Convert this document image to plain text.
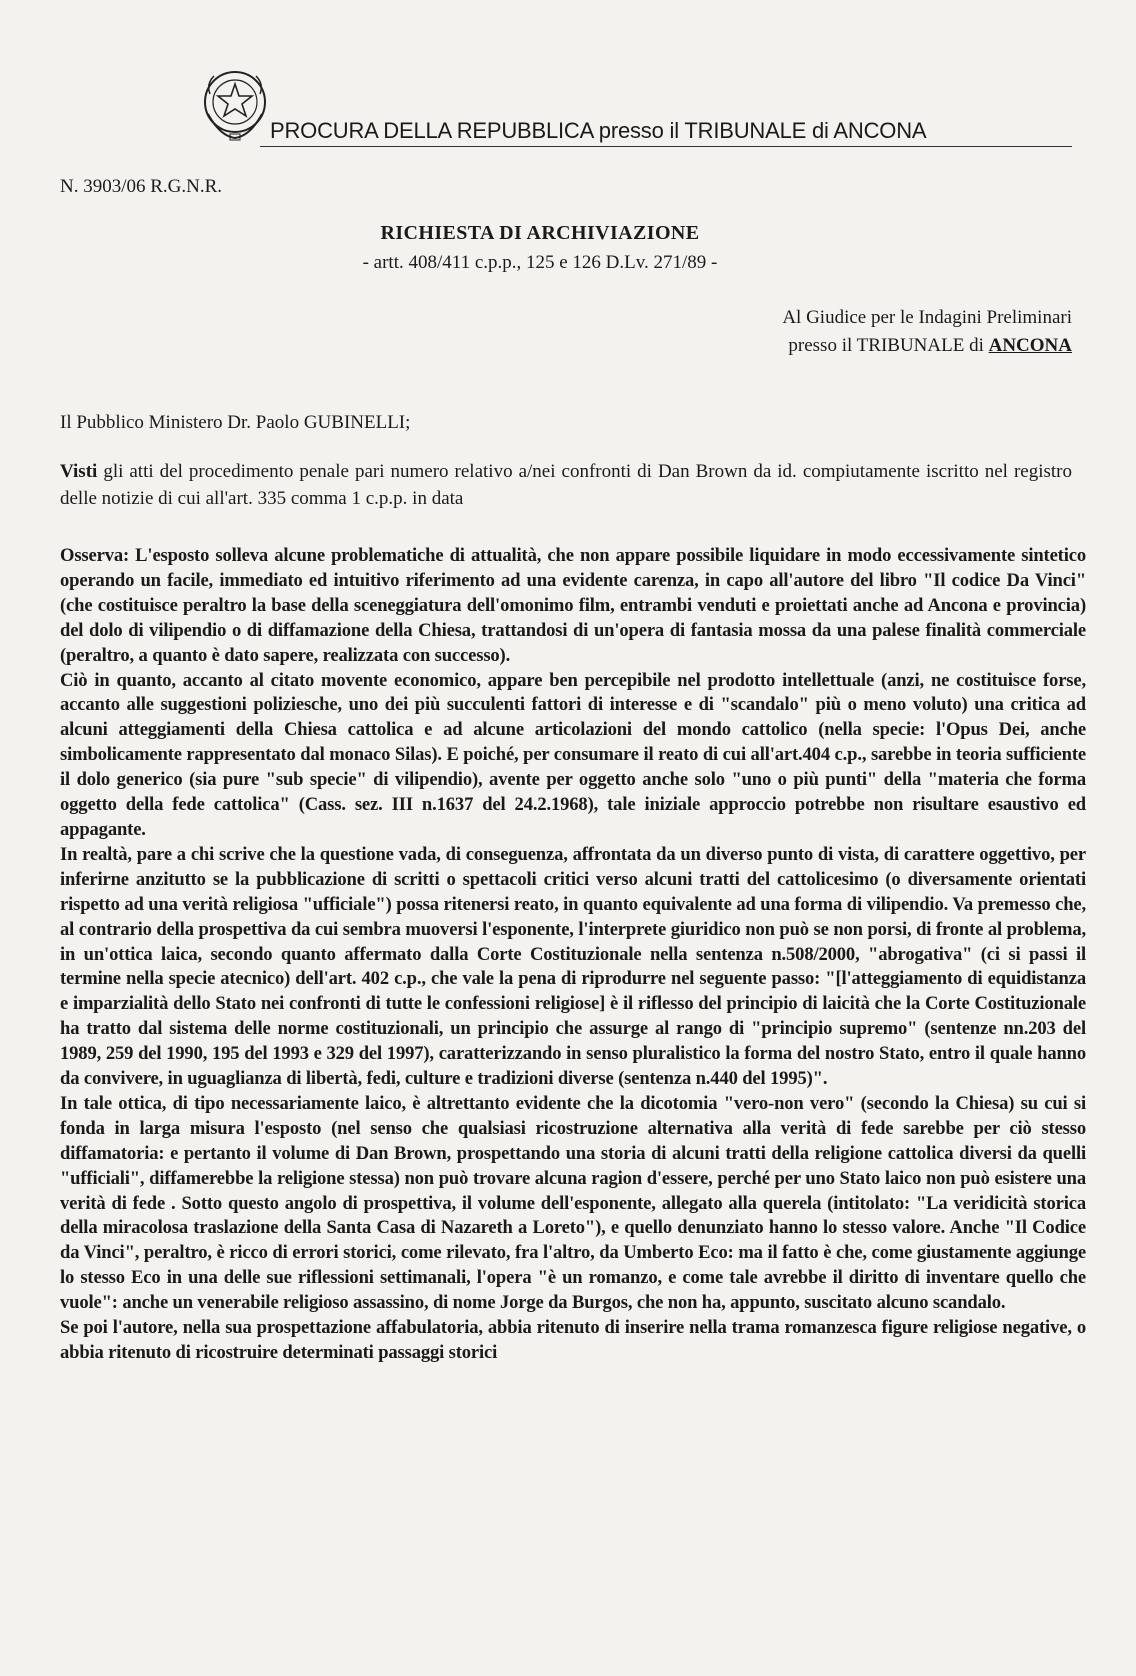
PROCURA DELLA REPUBBLICA presso il TRIBUNALE di ANCONA
N. 3903/06 R.G.N.R.
RICHIESTA DI ARCHIVIAZIONE
- artt. 408/411 c.p.p., 125 e 126 D.Lv. 271/89 -
Al Giudice per le Indagini Preliminari
presso il TRIBUNALE di ANCONA
Il Pubblico Ministero Dr. Paolo GUBINELLI;
Visti gli atti del procedimento penale pari numero relativo a/nei confronti di Dan Brown da id. compiutamente iscritto nel registro delle notizie di cui all'art. 335 comma 1 c.p.p. in data

Osserva: L'esposto solleva alcune problematiche di attualità, che non appare possibile liquidare in modo eccessivamente sintetico operando un facile, immediato ed intuitivo riferimento ad una evidente carenza, in capo all'autore del libro "Il codice Da Vinci" (che costituisce peraltro la base della sceneggiatura dell'omonimo film, entrambi venduti e proiettati anche ad Ancona e provincia) del dolo di vilipendio o di diffamazione della Chiesa, trattandosi di un'opera di fantasia mossa da una palese finalità commerciale (peraltro, a quanto è dato sapere, realizzata con successo).

Ciò in quanto, accanto al citato movente economico, appare ben percepibile nel prodotto intellettuale (anzi, ne costituisce forse, accanto alle suggestioni poliziesche, uno dei più succulenti fattori di interesse e di "scandalo" più o meno voluto) una critica ad alcuni atteggiamenti della Chiesa cattolica e ad alcune articolazioni del mondo cattolico (nella specie: l'Opus Dei, anche simbolicamente rappresentato dal monaco Silas). E poiché, per consumare il reato di cui all'art.404 c.p., sarebbe in teoria sufficiente il dolo generico (sia pure "sub specie" di vilipendio), avente per oggetto anche solo "uno o più punti" della "materia che forma oggetto della fede cattolica" (Cass. sez. III n.1637 del 24.2.1968), tale iniziale approccio potrebbe non risultare esaustivo ed appagante.

In realtà, pare a chi scrive che la questione vada, di conseguenza, affrontata da un diverso punto di vista, di carattere oggettivo, per inferirne anzitutto se la pubblicazione di scritti o spettacoli critici verso alcuni tratti del cattolicesimo (o diversamente orientati rispetto ad una verità religiosa "ufficiale") possa ritenersi reato, in quanto equivalente ad una forma di vilipendio. Va premesso che, al contrario della prospettiva da cui sembra muoversi l'esponente, l'interprete giuridico non può se non porsi, di fronte al problema, in un'ottica laica, secondo quanto affermato dalla Corte Costituzionale nella sentenza n.508/2000, "abrogativa" (ci si passi il termine nella specie atecnico) dell'art. 402 c.p., che vale la pena di riprodurre nel seguente passo: "[l'atteggiamento di equidistanza e imparzialità dello Stato nei confronti di tutte le confessioni religiose] è il riflesso del principio di laicità che la Corte Costituzionale ha tratto dal sistema delle norme costituzionali, un principio che assurge al rango di "principio supremo" (sentenze nn.203 del 1989, 259 del 1990, 195 del 1993 e 329 del 1997), caratterizzando in senso pluralistico la forma del nostro Stato, entro il quale hanno da convivere, in uguaglianza di libertà, fedi, culture e tradizioni diverse (sentenza n.440 del 1995)".

In tale ottica, di tipo necessariamente laico, è altrettanto evidente che la dicotomia "vero-non vero" (secondo la Chiesa) su cui si fonda in larga misura l'esposto (nel senso che qualsiasi ricostruzione alternativa alla verità di fede sarebbe per ciò stesso diffamatoria: e pertanto il volume di Dan Brown, prospettando una storia di alcuni tratti della religione cattolica diversi da quelli "ufficiali", diffamerebbe la religione stessa) non può trovare alcuna ragion d'essere, perché per uno Stato laico non può esistere una verità di fede . Sotto questo angolo di prospettiva, il volume dell'esponente, allegato alla querela (intitolato: "La veridicità storica della miracolosa traslazione della Santa Casa di Nazareth a Loreto"), e quello denunziato hanno lo stesso valore. Anche "Il Codice da Vinci", peraltro, è ricco di errori storici, come rilevato, fra l'altro, da Umberto Eco: ma il fatto è che, come giustamente aggiunge lo stesso Eco in una delle sue riflessioni settimanali, l'opera "è un romanzo, e come tale avrebbe il diritto di inventare quello che vuole": anche un venerabile religioso assassino, di nome Jorge da Burgos, che non ha, appunto, suscitato alcuno scandalo.

Se poi l'autore, nella sua prospettazione affabulatoria, abbia ritenuto di inserire nella trama romanzesca figure religiose negative, o abbia ritenuto di ricostruire determinati passaggi storici
